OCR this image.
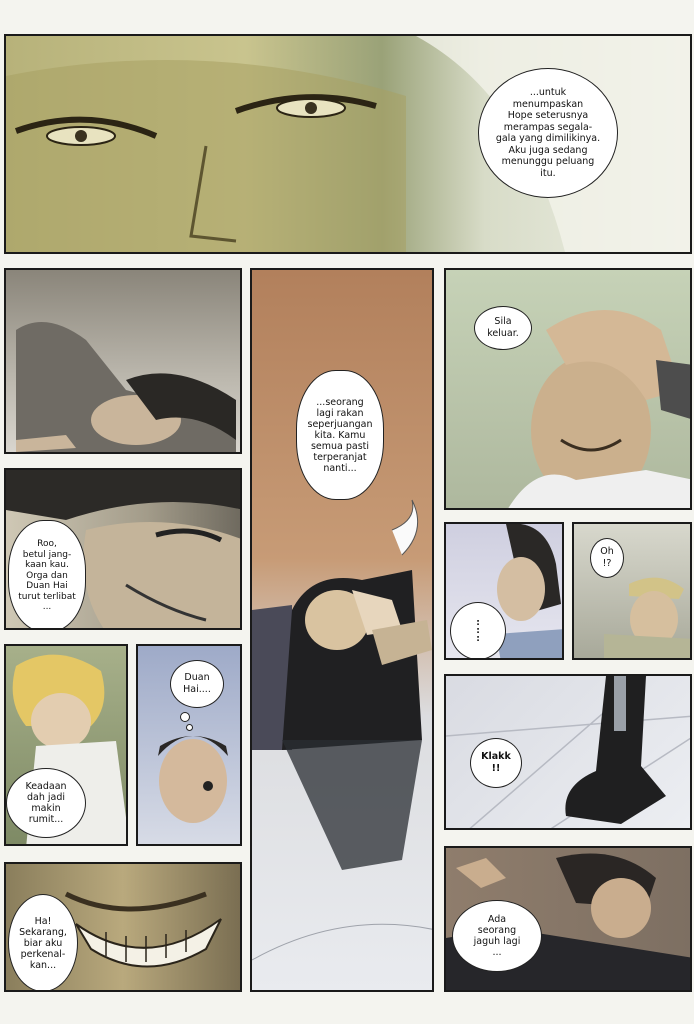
...untuk
menumpaskan
Hope seterusnya
merampas segala-
gala yang dimilikinya.
Aku juga sedang
menunggu peluang
itu.
Roo,
betul jang-
kaan kau.
Orga dan
Duan Hai
turut terlibat
...
Duan
Hai....
Keadaan
dah jadi makin
rumit...
Ha!
Sekarang,
biar aku
perkenal-
kan...
...seorang
lagi rakan
seperjuangan
kita. Kamu
semua pasti
terperanjat
nanti...
Sila
keluar.
:
:
:
Oh
!?
Klakk
!!
Ada
seorang
jaguh lagi
...
